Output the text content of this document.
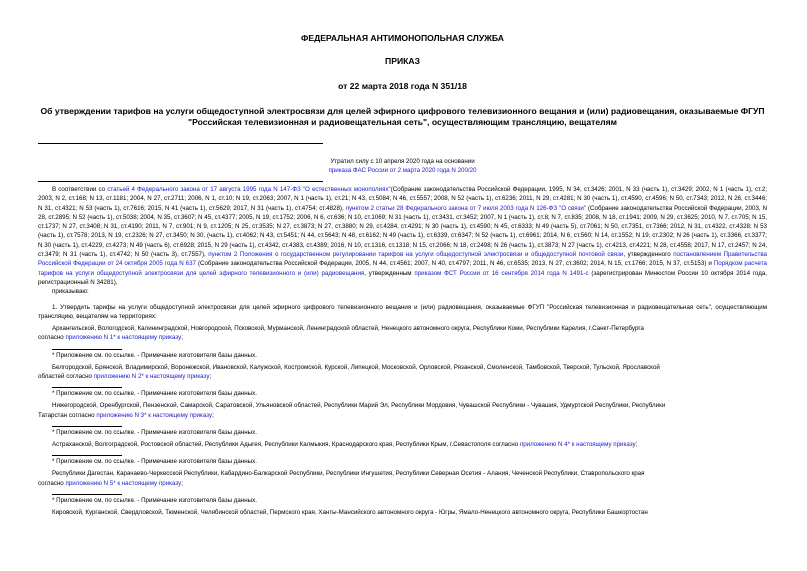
ФЕДЕРАЛЬНАЯ АНТИМОНОПОЛЬНАЯ СЛУЖБА
ПРИКАЗ
от 22 марта 2018 года N 351/18
Об утверждении тарифов на услуги общедоступной электросвязи для целей эфирного цифрового телевизионного вещания и (или) радиовещания, оказываемые ФГУП "Российская телевизионная и радиовещательная сеть", осуществляющим трансляцию, вещателям
Утратил силу с 10 апреля 2020 года на основании
приказа ФАС России от 2 марта 2020 года N 200/20

В соответствии со статьей 4 Федерального закона от 17 августа 1995 года N 147-ФЗ "О естественных монополиях"(Собрание законодательства Российской Федерации, 1995, N 34, ст.3426; 2001, N 33 (часть 1), ст.3429; 2002, N 1 (часть 1), ст.2; 2003, N 2, ст.168; N 13, ст.1181; 2004, N 27, ст.2711; 2006, N 1, ст.10; N 19, ст.2063; 2007, N 1 (часть 1), ст.21; N 43, ст.5084; N 46, ст.5557; 2008, N 52 (часть 1), ст.6236; 2011, N 29, ст.4281; N 30 (часть 1), ст.4590, ст.4596; N 50, ст.7343; 2012, N 26, ст.3446; N 31, ст.4321; N 53 (часть 1), ст.7616; 2015, N 41 (часть 1), ст.5629; 2017, N 31 (часть 1), ст.4754; ст.4828), пунктом 2 статьи 28 Федерального закона от 7 июля 2003 года N 126-ФЗ "О связи" (Собрание законодательства Российской Федерации, 2003, N 28, ст.2895; N 52 (часть 1), ст.5038; 2004, N 35, ст.3607; N 45, ст.4377; 2005, N 19, ст.1752; 2006, N 6, ст.636; N 10, ст.1069; N 31 (часть 1), ст.3431, ст.3452; 2007, N 1 (часть 1), ст.8; N 7, ст.835; 2008, N 18, ст.1941; 2009, N 29, ст.3625; 2010, N 7, ст.705; N 15, ст.1737; N 27, ст.3408; N 31, ст.4190; 2011, N 7, ст.901; N 9, ст.1205; N 25, ст.3535; N 27, ст.3873; N 27, ст.3880; N 29, ст.4284, ст.4291; N 30 (часть 1), ст.4590; N 45, ст.6333; N 49 (часть 5), ст.7061; N 50, ст.7351, ст.7366; 2012, N 31, ст.4322, ст.4328; N 53 (часть 1), ст.7578; 2013, N 19, ст.2326; N 27, ст.3450; N 30, (часть 1), ст.4062; N 43, ст.5451; N 44, ст.5643; N 48, ст.6162; N 49 (часть 1), ст.6339, ст.6347; N 52 (часть 1), ст.6961; 2014, N 6, ст.560; N 14, ст.1552; N 19, ст.2302; N 26 (часть 1), ст.3366, ст.3377; N 30 (часть 1), ст.4229, ст.4273; N 49 (часть 6), ст.6928; 2015, N 29 (часть 1), ст.4342, ст.4383, ст.4389; 2016, N 10, ст.1316, ст.1318; N 15, ст.2066; N 18, ст.2498; N 26 (часть 1), ст.3873; N 27 (часть 1), ст.4213, ст.4221; N 28, ст.4558; 2017, N 17, ст.2457; N 24, ст.3479; N 31 (часть 1), ст.4742; N 50 (часть 3), ст.7557), пунктом 2 Положения о государственном регулировании тарифов на услуги общедоступной электросвязи и общедоступной почтовой связи, утвержденного постановлением Правительства Российской Федерации от 24 октября 2005 года N 637 (Собрание законодательства Российской Федерации, 2005, N 44, ст.4561; 2007, N 40, ст.4797; 2011, N 46, ст.6535; 2013, N 27, ст.3602; 2014, N 15, ст.1766; 2015, N 37, ст.5153) и Порядком расчета тарифов на услуги общедоступной электросвязи для целей эфирного телевизионного и (или) радиовещания, утвержденным приказом ФСТ России от 16 сентября 2014 года N 1491-с (зарегистрирован Минюстом России 10 октября 2014 года, регистрационный N 34281),

приказываю:

1. Утвердить тарифы на услуги общедоступной электросвязи для целей эфирного цифрового телевизионного вещания и (или) радиовещания, оказываемые ФГУП "Российская телевизионная и радиовещательная сеть", осуществляющим трансляцию, вещателям на территориях:

Архангельской, Вологодской, Калининградской, Новгородской, Псковской, Мурманской, Ленинградской областей, Ненецкого автономного округа, Республики Коми, Республики Карелия, г.Санкт-Петербурга
согласно приложению N 1* к настоящему приказу;
* Приложение см. по ссылке. - Примечание изготовителя базы данных.
Белгородской, Брянской, Владимирской, Воронежской, Ивановской, Калужской, Костромской, Курской, Липецкой, Московской, Орловской, Рязанской, Смоленской, Тамбовской, Тверской, Тульской, Ярославской
областей согласно приложению N 2* к настоящему приказу;
* Приложение см. по ссылке. - Примечание изготовителя базы данных.
Нижегородской, Оренбургской, Пензенской, Самарской, Саратовской, Ульяновской областей, Республики Марий Эл, Республики Мордовия, Чувашской Республики - Чувашия, Удмуртской Республики, Республики
Татарстан согласно приложению N 3* к настоящему приказу;
* Приложение см. по ссылке. - Примечание изготовителя базы данных.
Астраханской, Волгоградской, Ростовской областей, Республики Адыгея, Республики Калмыкия, Краснодарского края, Республики Крым, г.Севастополя согласно приложению N 4* к настоящему приказу;
* Приложение см. по ссылке. - Примечание изготовителя базы данных.
Республики Дагестан, Карачаево-Черкесской Республики, Кабардино-Балкарской Республики, Республики Ингушетия, Республики Северная Осетия - Алания, Чеченской Республики, Ставропольского края
согласно приложению N 5* к настоящему приказу;
* Приложение см. по ссылке. - Примечание изготовителя базы данных.
Кировской, Курганской, Свердловской, Тюменской, Челябинской областей, Пермского края, Ханты-Мансийского автономного округа - Югры, Ямало-Ненецкого автономного округа, Республики Башкортостан
